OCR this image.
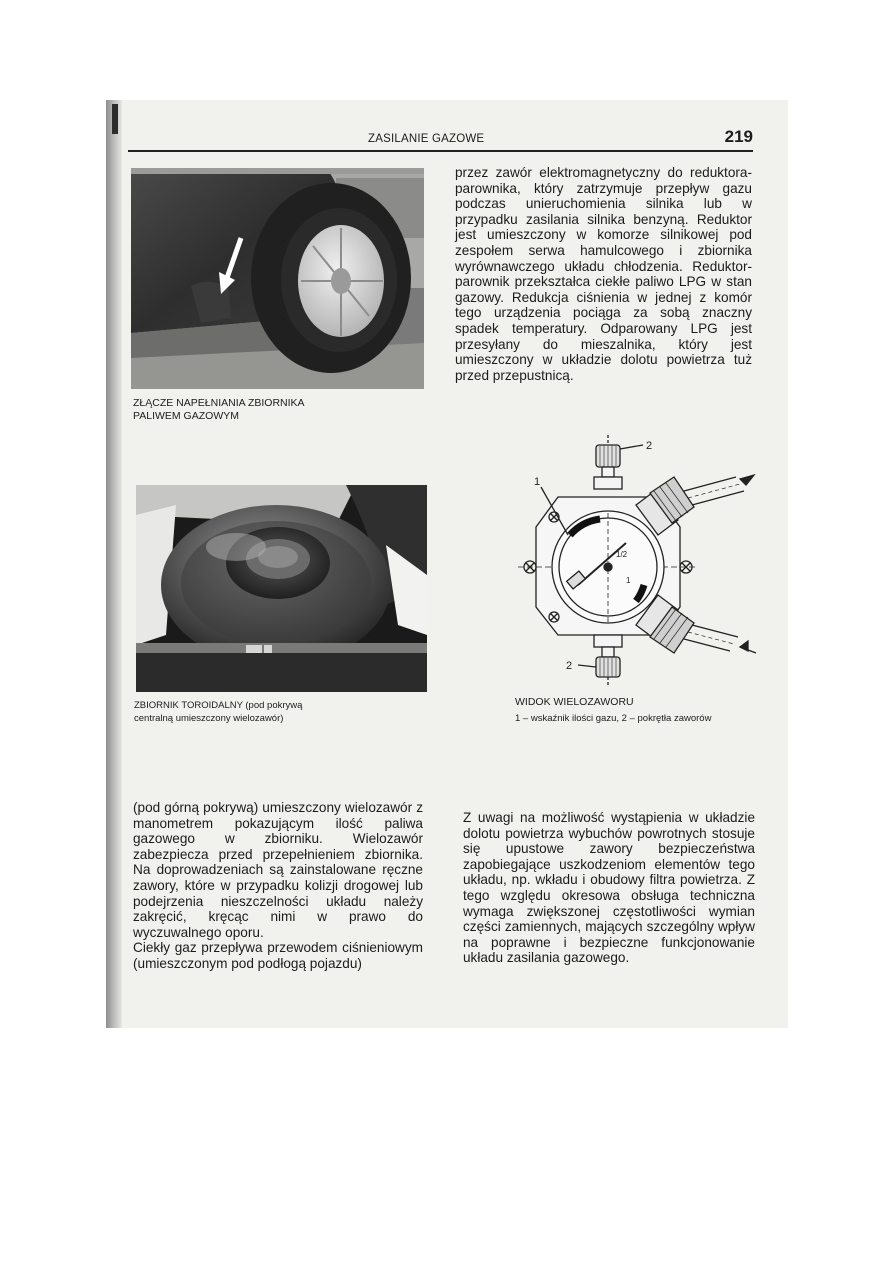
ZASILANIE GAZOWE	219
ZŁĄCZE NAPEŁNIANIA ZBIORNIKA
PALIWEM GAZOWYM

przez zawór elektromagnetyczny do reduktora-parownika, który zatrzymuje przepływ gazu podczas unieruchomienia silnika lub w przypadku zasilania silnika benzyną. Reduktor jest umieszczony w komorze silnikowej pod zespołem serwa hamulcowego i zbiornika wyrównawczego układu chłodzenia. Reduktor-parownik przekształca ciekłe paliwo LPG w stan gazowy. Redukcja ciśnienia w jednej z komór tego urządzenia pociąga za sobą znaczny spadek temperatury. Odparowany LPG jest przesyłany do mieszalnika, który jest umieszczony w układzie dolotu powietrza tuż przed przepustnicą.

ZBIORNIK TOROIDALNY (pod pokrywą
centralną umieszczony wielozawór)
2
1/2
1
1
2
WIDOK WIELOZAWORU
1 – wskaźnik ilości gazu, 2 – pokrętła zaworów

(pod górną pokrywą) umieszczony wielozawór z manometrem pokazującym ilość paliwa gazowego w zbiorniku. Wielozawór zabezpiecza przed przepełnieniem zbiornika. Na doprowadzeniach są zainstalowane ręczne zawory, które w przypadku kolizji drogowej lub podejrzenia nieszczelności układu należy zakręcić, kręcąc nimi w prawo do wyczuwalnego oporu.

Ciekły gaz przepływa przewodem ciśnieniowym (umieszczonym pod podłogą pojazdu)

Z uwagi na możliwość wystąpienia w układzie dolotu powietrza wybuchów powrotnych stosuje się upustowe zawory bezpieczeństwa zapobiegające uszkodzeniom elementów tego układu, np. wkładu i obudowy filtra powietrza. Z tego względu okresowa obsługa techniczna wymaga zwiększonej częstotliwości wymian części zamiennych, mających szczególny wpływ na poprawne i bezpieczne funkcjonowanie układu zasilania gazowego.
